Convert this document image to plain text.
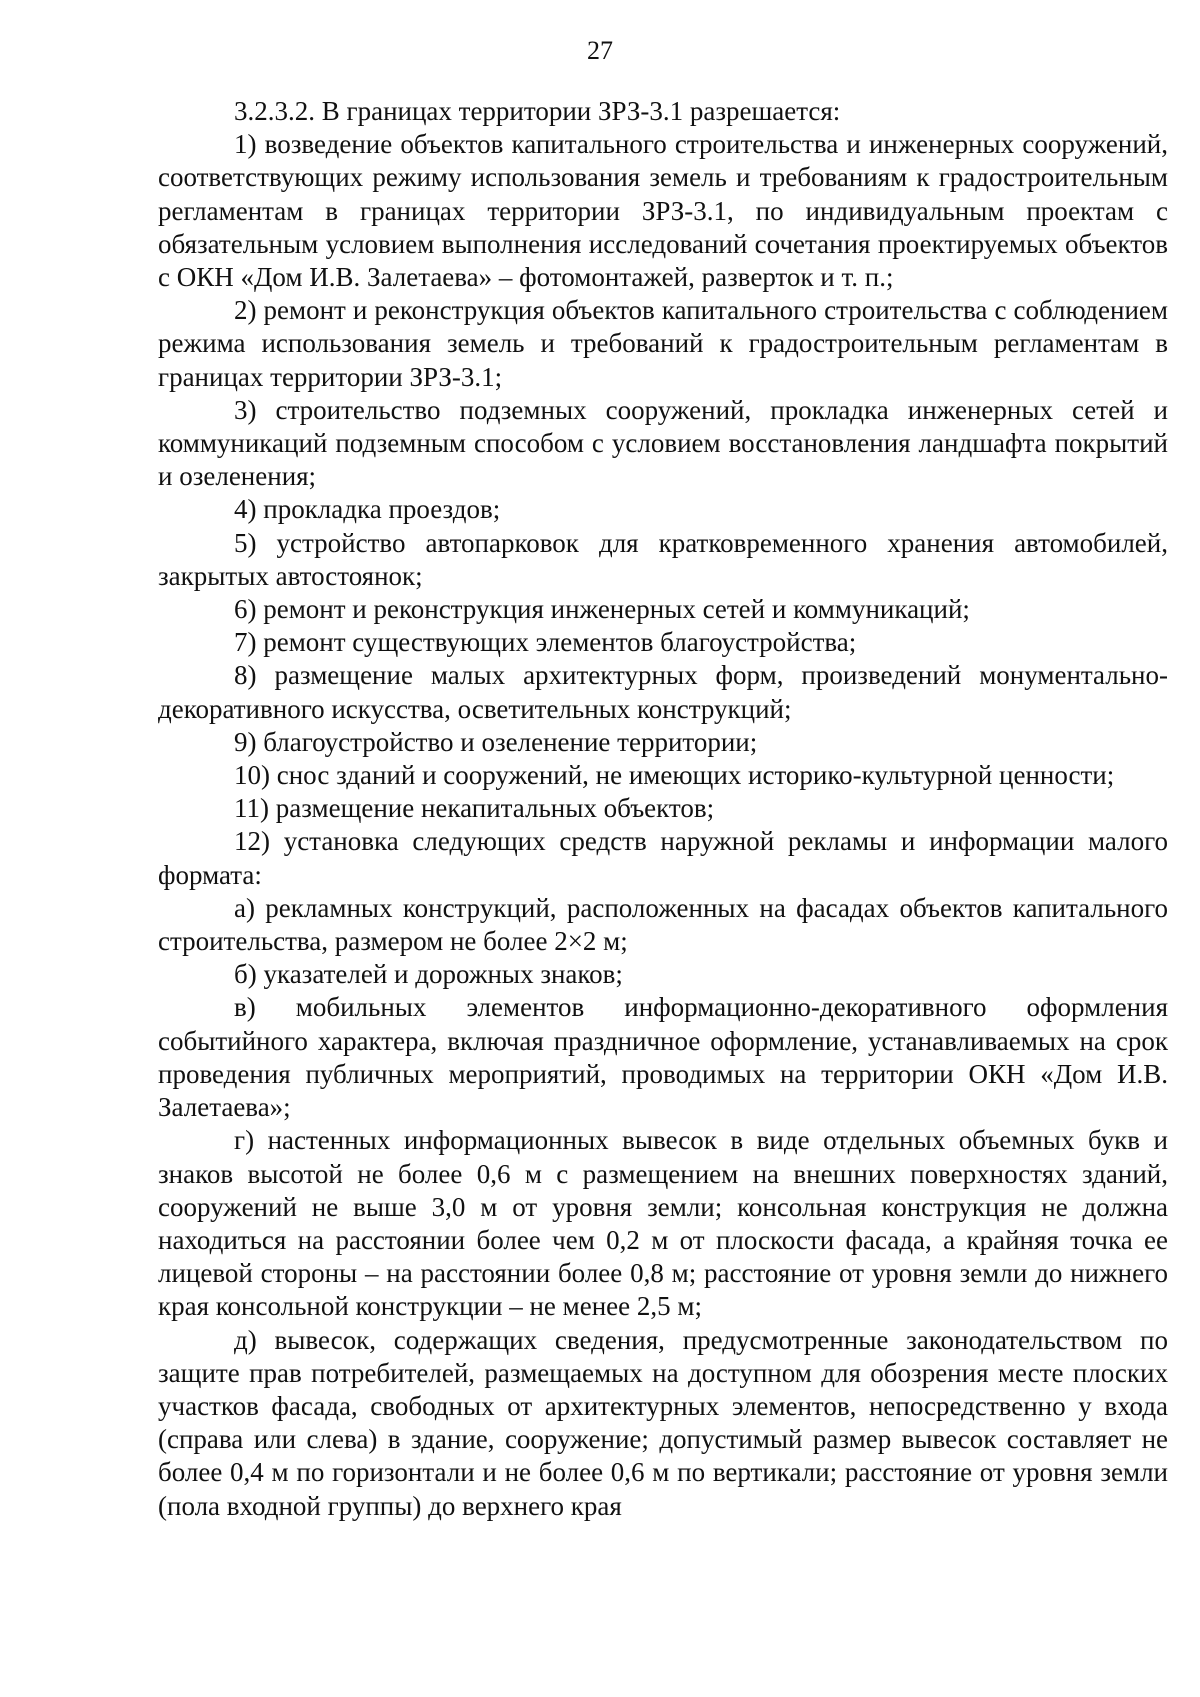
27

3.2.3.2. В границах территории ЗРЗ-3.1 разрешается:

1) возведение объектов капитального строительства и инженерных сооружений, соответствующих режиму использования земель и требованиям к градостроительным регламентам в границах территории ЗРЗ-3.1, по индивидуальным проектам с обязательным условием выполнения исследований сочетания проектируемых объектов с ОКН «Дом И.В. Залетаева» – фотомонтажей, разверток и т. п.;

2) ремонт и реконструкция объектов капитального строительства с соблюдением режима использования земель и требований к градостроительным регламентам в границах территории ЗРЗ-3.1;

3) строительство подземных сооружений, прокладка инженерных сетей и коммуникаций подземным способом с условием восстановления ландшафта покрытий и озеленения;

4) прокладка проездов;

5) устройство автопарковок для кратковременного хранения автомобилей, закрытых автостоянок;

6) ремонт и реконструкция инженерных сетей и коммуникаций;

7) ремонт существующих элементов благоустройства;

8) размещение малых архитектурных форм, произведений монументально-декоративного искусства, осветительных конструкций;

9) благоустройство и озеленение территории;

10) снос зданий и сооружений, не имеющих историко-культурной ценности;

11) размещение некапитальных объектов;

12) установка следующих средств наружной рекламы и информации малого формата:

а) рекламных конструкций, расположенных на фасадах объектов капитального строительства, размером не более 2×2 м;

б) указателей и дорожных знаков;

в) мобильных элементов информационно-декоративного оформления событийного характера, включая праздничное оформление, устанавливаемых на срок проведения публичных мероприятий, проводимых на территории ОКН «Дом И.В. Залетаева»;

г) настенных информационных вывесок в виде отдельных объемных букв и знаков высотой не более 0,6 м с размещением на внешних поверхностях зданий, сооружений не выше 3,0 м от уровня земли; консольная конструкция не должна находиться на расстоянии более чем 0,2 м от плоскости фасада, а крайняя точка ее лицевой стороны – на расстоянии более 0,8 м; расстояние от уровня земли до нижнего края консольной конструкции – не менее 2,5 м;

д) вывесок, содержащих сведения, предусмотренные законодательством по защите прав потребителей, размещаемых на доступном для обозрения месте плоских участков фасада, свободных от архитектурных элементов, непосредственно у входа (справа или слева) в здание, сооружение; допустимый размер вывесок составляет не более 0,4 м по горизонтали и не более 0,6 м по вертикали; расстояние от уровня земли (пола входной группы) до верхнего края
